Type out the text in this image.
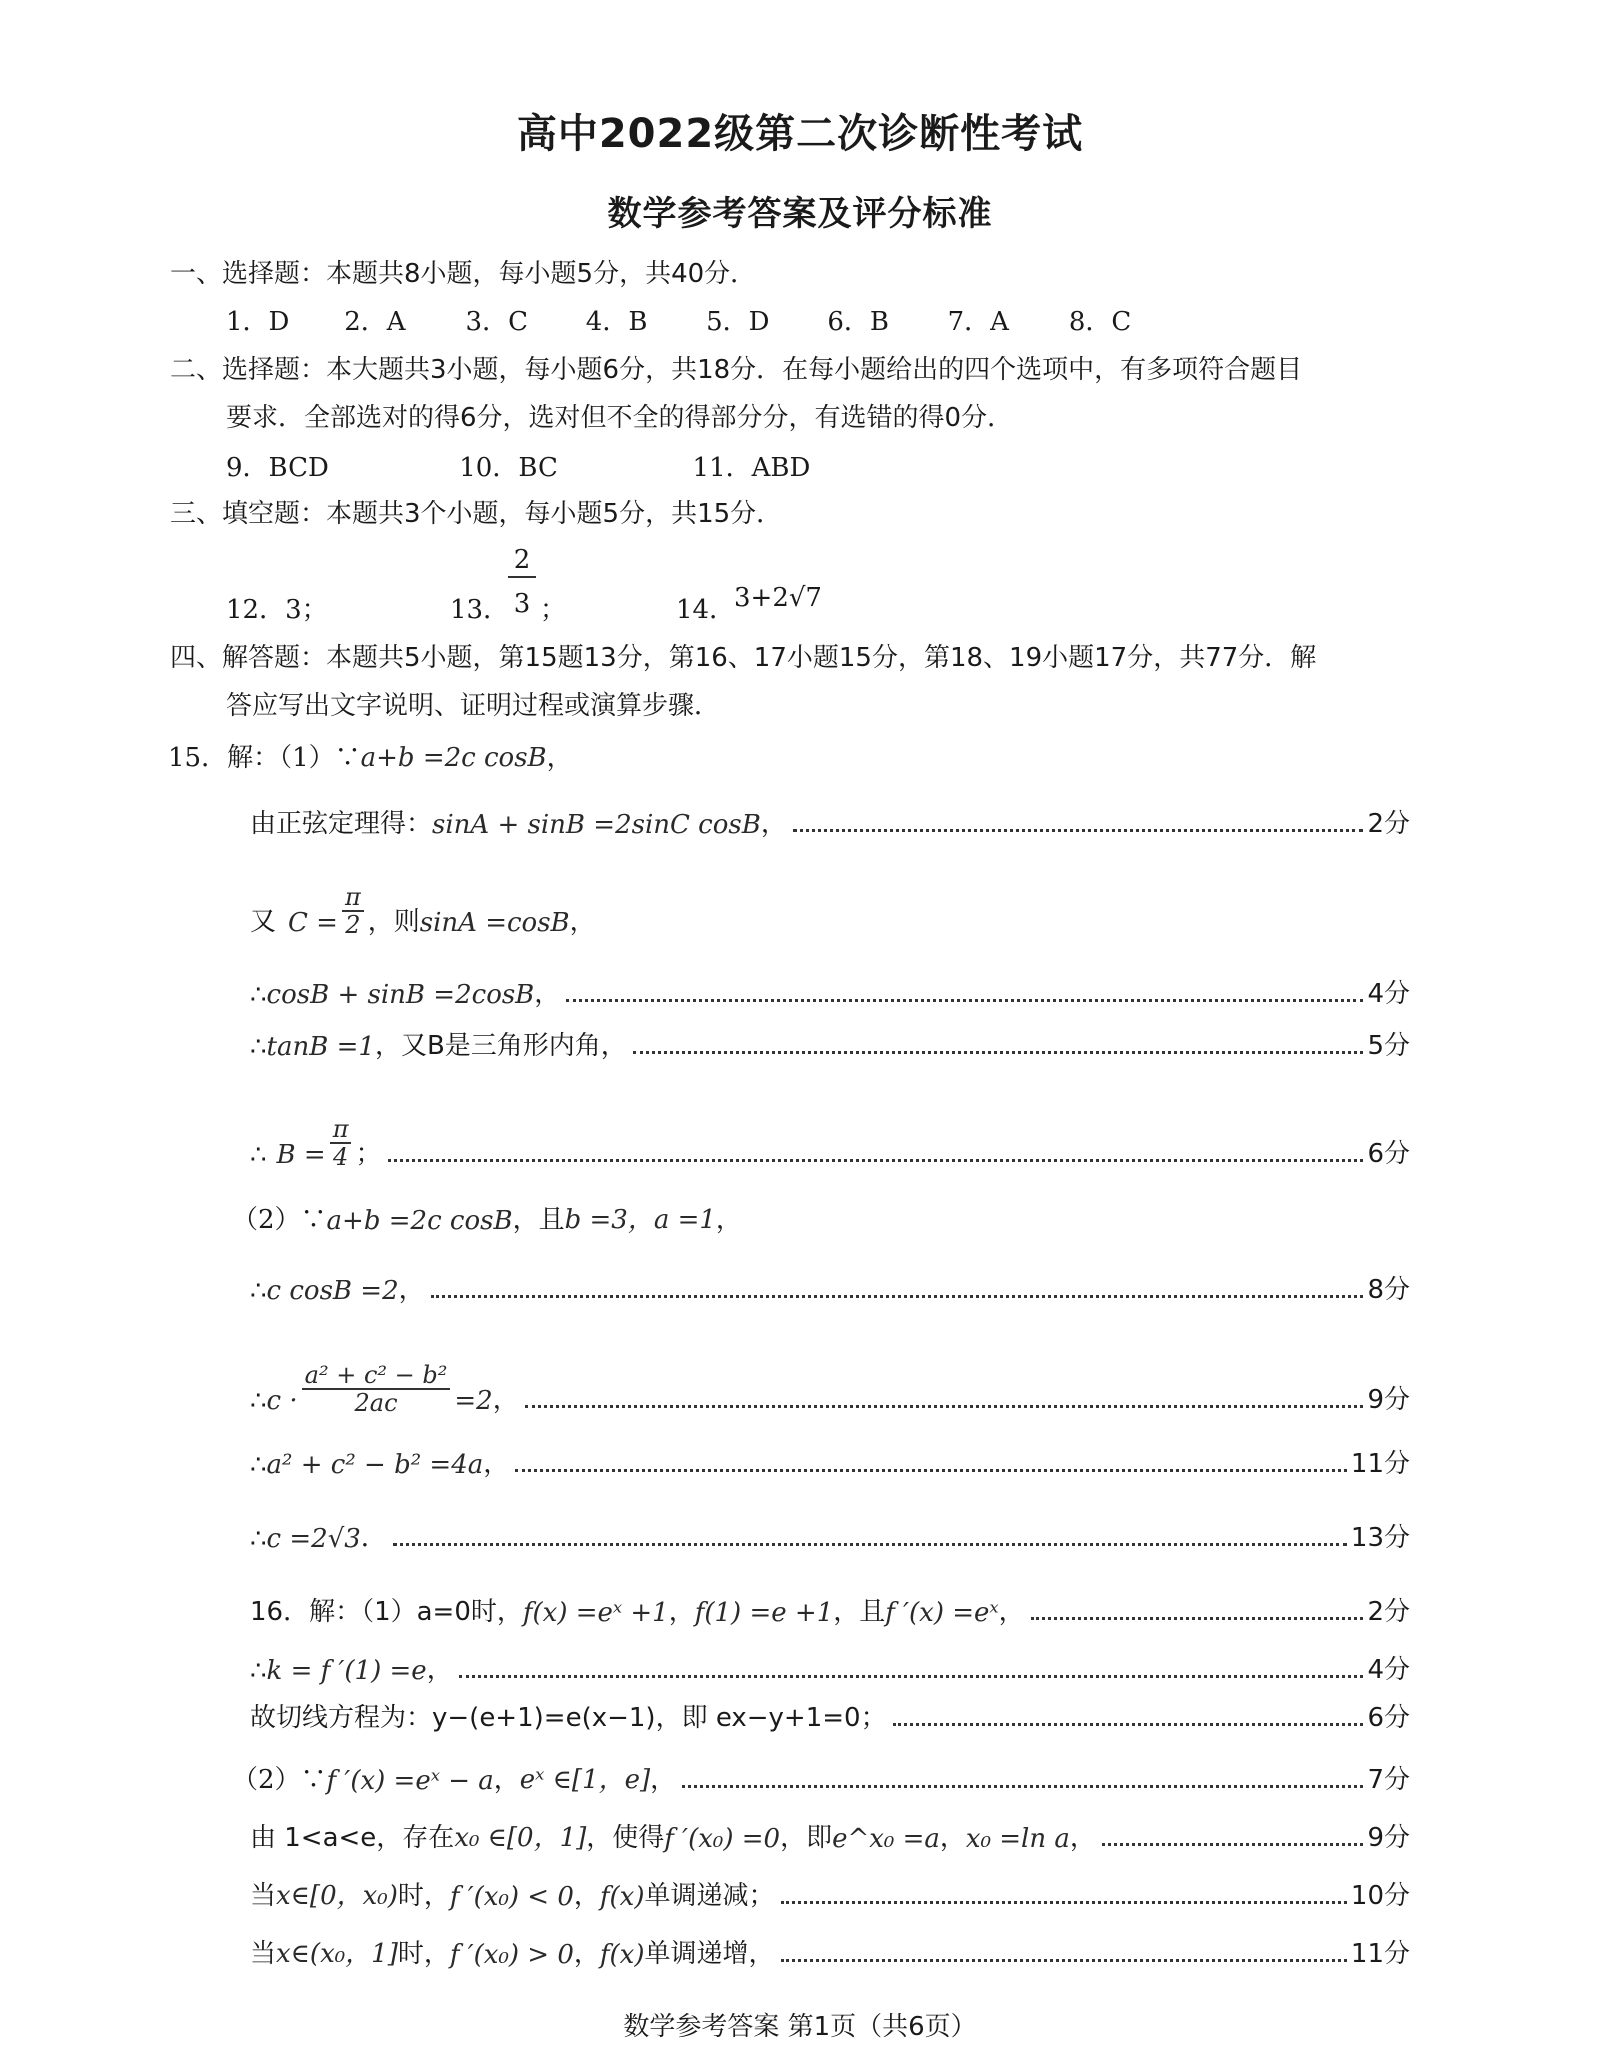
高中2022级第二次诊断性考试
数学参考答案及评分标准
一、选择题：本题共8小题，每小题5分，共40分．
1．D 2．A 3．C 4．B 5．D 6．B 7．A 8．C
二、选择题：本大题共3小题，每小题6分，共18分．在每小题给出的四个选项中，有多项符合题目
要求．全部选对的得6分，选对但不全的得部分分，有选错的得0分．
9．BCD	10．BC	11．ABD
三、填空题：本题共3个小题，每小题5分，共15分．
12．3；	13．
2
3 ；	14．
3+2√7
四、解答题：本题共5小题，第15题13分，第16、17小题15分，第18、19小题17分，共77分．解
答应写出文字说明、证明过程或演算步骤．
15．解：（1）∵a+b =2c cosB，
由正弦定理得： sinA + sinB =2sinC cosB ，	2分
又 $C = \frac{\pi}{2}$ ，则 sinA =cosB ，
∴ cosB + sinB =2cosB ，	4分
∴ tanB =1 ，又B是三角形内角，	5分
∴ $B = \frac{\pi}{4}$ ；	6分
（2）∵ a+b =2c cosB ，且 b =3，a =1 ，
∴ c cosB =2 ，	8分
∴ $c \cdot \frac{\text{a² + c² − b²}}{2ac} =2$ ，	9分
∴ a² + c² − b² =4a ，	11分
∴ c =2√3 ．	13分
16．解：（1）a=0时， f(x) =eˣ +1 ， f(1) =e +1 ，且 f ′(x) =eˣ ，	2分
∴ k = f ′(1) =e ，	4分
故切线方程为：y−(e+1)=e(x−1)，即 ex−y+1=0；	6分
（2）∵ f ′(x) =eˣ − a ， eˣ ∈[1，e] ，	7分
由 1<a<e，存在 x₀ ∈[0，1] ，使得 f ′(x₀) =0 ，即 e^x₀ =a ， x₀ =ln a ，	9分
当 x∈[0，x₀) 时， f ′(x₀) < 0 ， f(x) 单调递减；	10分
当 x∈(x₀，1] 时， f ′(x₀) > 0 ， f(x) 单调递增，	11分
数学参考答案 第1页（共6页）
